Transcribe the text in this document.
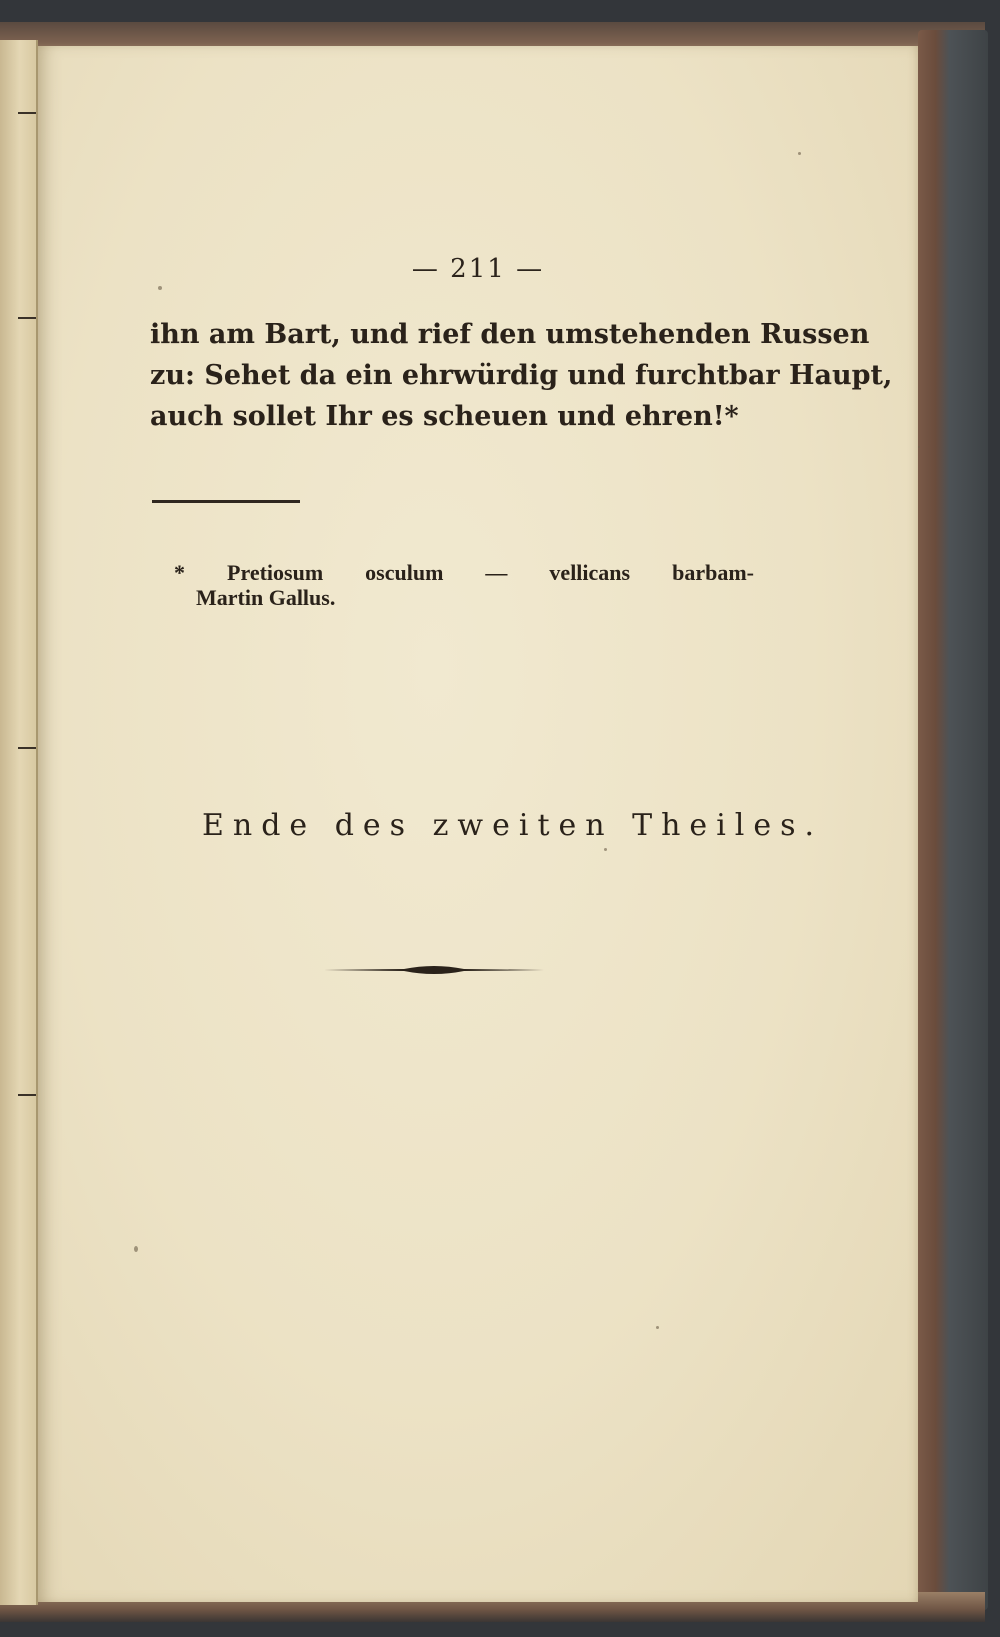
— 211 —
ihn am Bart, und rief den umstehenden Russen
zu: Sehet da ein ehrwürdig und furchtbar Haupt,
auch sollet Ihr es scheuen und ehren!*
* Pretiosum osculum — vellicans barbam-
Martin Gallus.
Ende des zweiten Theiles.
